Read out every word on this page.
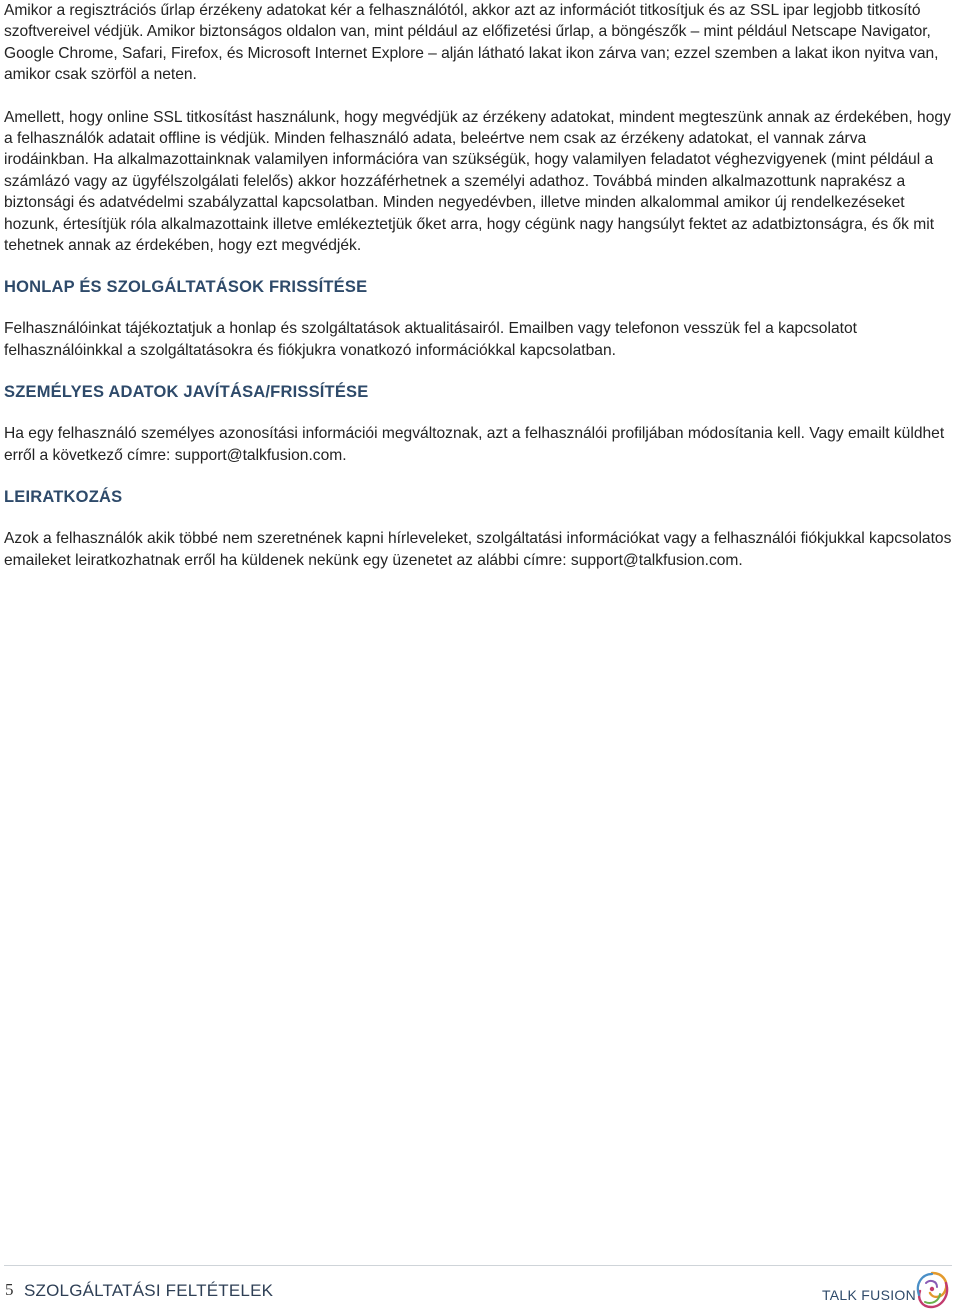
Amikor a regisztrációs űrlap érzékeny adatokat kér a felhasználótól, akkor azt az információt titkosítjuk és az SSL ipar legjobb titkosító szoftvereivel védjük. Amikor biztonságos oldalon van, mint például az előfizetési űrlap, a böngészők – mint például Netscape Navigator, Google Chrome, Safari, Firefox, és Microsoft Internet Explore – alján látható lakat ikon zárva van; ezzel szemben a lakat ikon nyitva van, amikor csak szörföl a neten.

Amellett, hogy online SSL titkosítást használunk, hogy megvédjük az érzékeny adatokat, mindent megteszünk annak az érdekében, hogy a felhasználók adatait offline is védjük. Minden felhasználó adata, beleértve nem csak az érzékeny adatokat, el vannak zárva irodáinkban. Ha alkalmazottainknak valamilyen információra van szükségük, hogy valamilyen feladatot véghezvigyenek (mint például a számlázó vagy az ügyfélszolgálati felelős) akkor hozzáférhetnek a személyi adathoz. Továbbá minden alkalmazottunk naprakész a biztonsági és adatvédelmi szabályzattal kapcsolatban. Minden negyedévben, illetve minden alkalommal amikor új rendelkezéseket hozunk, értesítjük róla alkalmazottaink illetve emlékeztetjük őket arra, hogy cégünk nagy hangsúlyt fektet az adatbiztonságra, és ők mit tehetnek annak az érdekében, hogy ezt megvédjék.

HONLAP ÉS SZOLGÁLTATÁSOK FRISSÍTÉSE

Felhasználóinkat tájékoztatjuk a honlap és szolgáltatások aktualitásairól. Emailben vagy telefonon vesszük fel a kapcsolatot felhasználóinkkal a szolgáltatásokra és fiókjukra vonatkozó információkkal kapcsolatban.

SZEMÉLYES ADATOK JAVÍTÁSA/FRISSÍTÉSE

Ha egy felhasználó személyes azonosítási információi megváltoznak, azt a felhasználói profiljában módosítania kell. Vagy emailt küldhet erről a következő címre: support@talkfusion.com.

LEIRATKOZÁS

Azok a felhasználók akik többé nem szeretnének kapni hírleveleket, szolgáltatási információkat vagy a felhasználói fiókjukkal kapcsolatos emaileket leiratkozhatnak erről ha küldenek nekünk egy üzenetet az alábbi címre: support@talkfusion.com.

5 SZOLGÁLTATÁSI FELTÉTELEK	TALK FUSION
